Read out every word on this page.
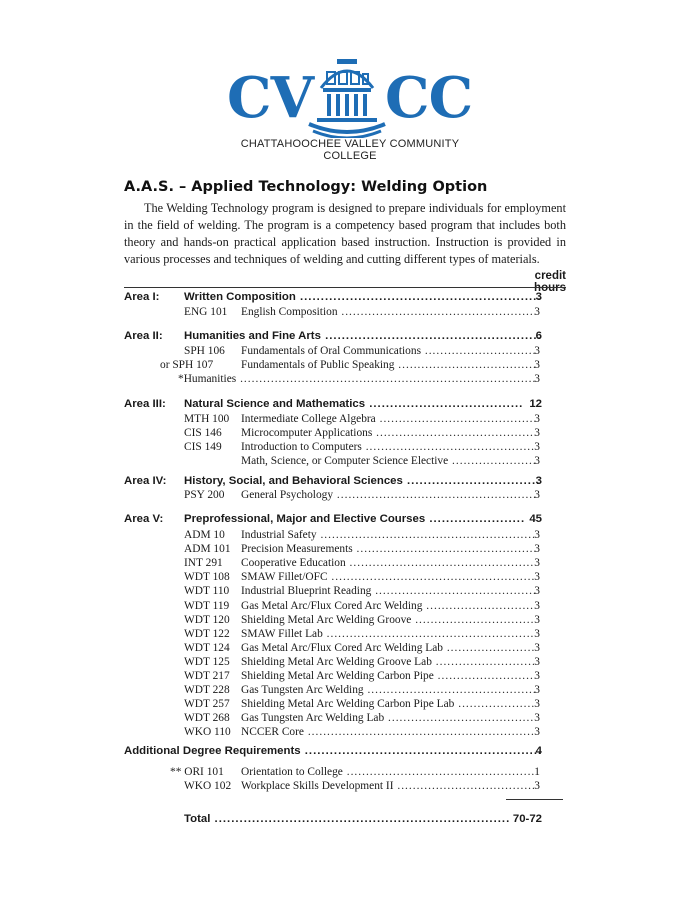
CV CC
CHATTAHOOCHEE VALLEY COMMUNITY COLLEGE
A.A.S. – Applied Technology: Welding Option

The Welding Technology program is designed to prepare individuals for employment in the field of welding. The program is a competency based program that includes both theory and hands-on practical application based instruction. Instruction is provided in various processes and techniques of welding and cutting different types of materials.

credit hours
Area I: Written Composition .....	3
ENG 101 English Composition .....	3
Area II: Humanities and Fine Arts .....	6
SPH 106 Fundamentals of Oral Communications .....	3
or SPH 107 Fundamentals of Public Speaking .....	3
*Humanities .....	3
Area III: Natural Science and Mathematics .....	12
MTH 100 Intermediate College Algebra .....	3
CIS 146 Microcomputer Applications .....	3
CIS 149 Introduction to Computers .....	3
Math, Science, or Computer Science Elective .....	3
Area IV: History, Social, and Behavioral Sciences .....	3
PSY 200 General Psychology .....	3
Area V: Preprofessional, Major and Elective Courses .....	45
ADM 10 Industrial Safety .....	3
ADM 101 Precision Measurements .....	3
INT 291 Cooperative Education .....	3
WDT 108 SMAW Fillet/OFC .....	3
WDT 110 Industrial Blueprint Reading .....	3
WDT 119 Gas Metal Arc/Flux Cored Arc Welding .....	3
WDT 120 Shielding Metal Arc Welding Groove .....	3
WDT 122 SMAW Fillet Lab .....	3
WDT 124 Gas Metal Arc/Flux Cored Arc Welding Lab .....	3
WDT 125 Shielding Metal Arc Welding Groove Lab .....	3
WDT 217 Shielding Metal Arc Welding Carbon Pipe .....	3
WDT 228 Gas Tungsten Arc Welding .....	3
WDT 257 Shielding Metal Arc Welding Carbon Pipe Lab .....	3
WDT 268 Gas Tungsten Arc Welding Lab .....	3
WKO 110 NCCER Core .....	3
Additional Degree Requirements .....	4
** ORI 101 Orientation to College .....	1
WKO 102 Workplace Skills Development II .....	3
Total .....	70-72
